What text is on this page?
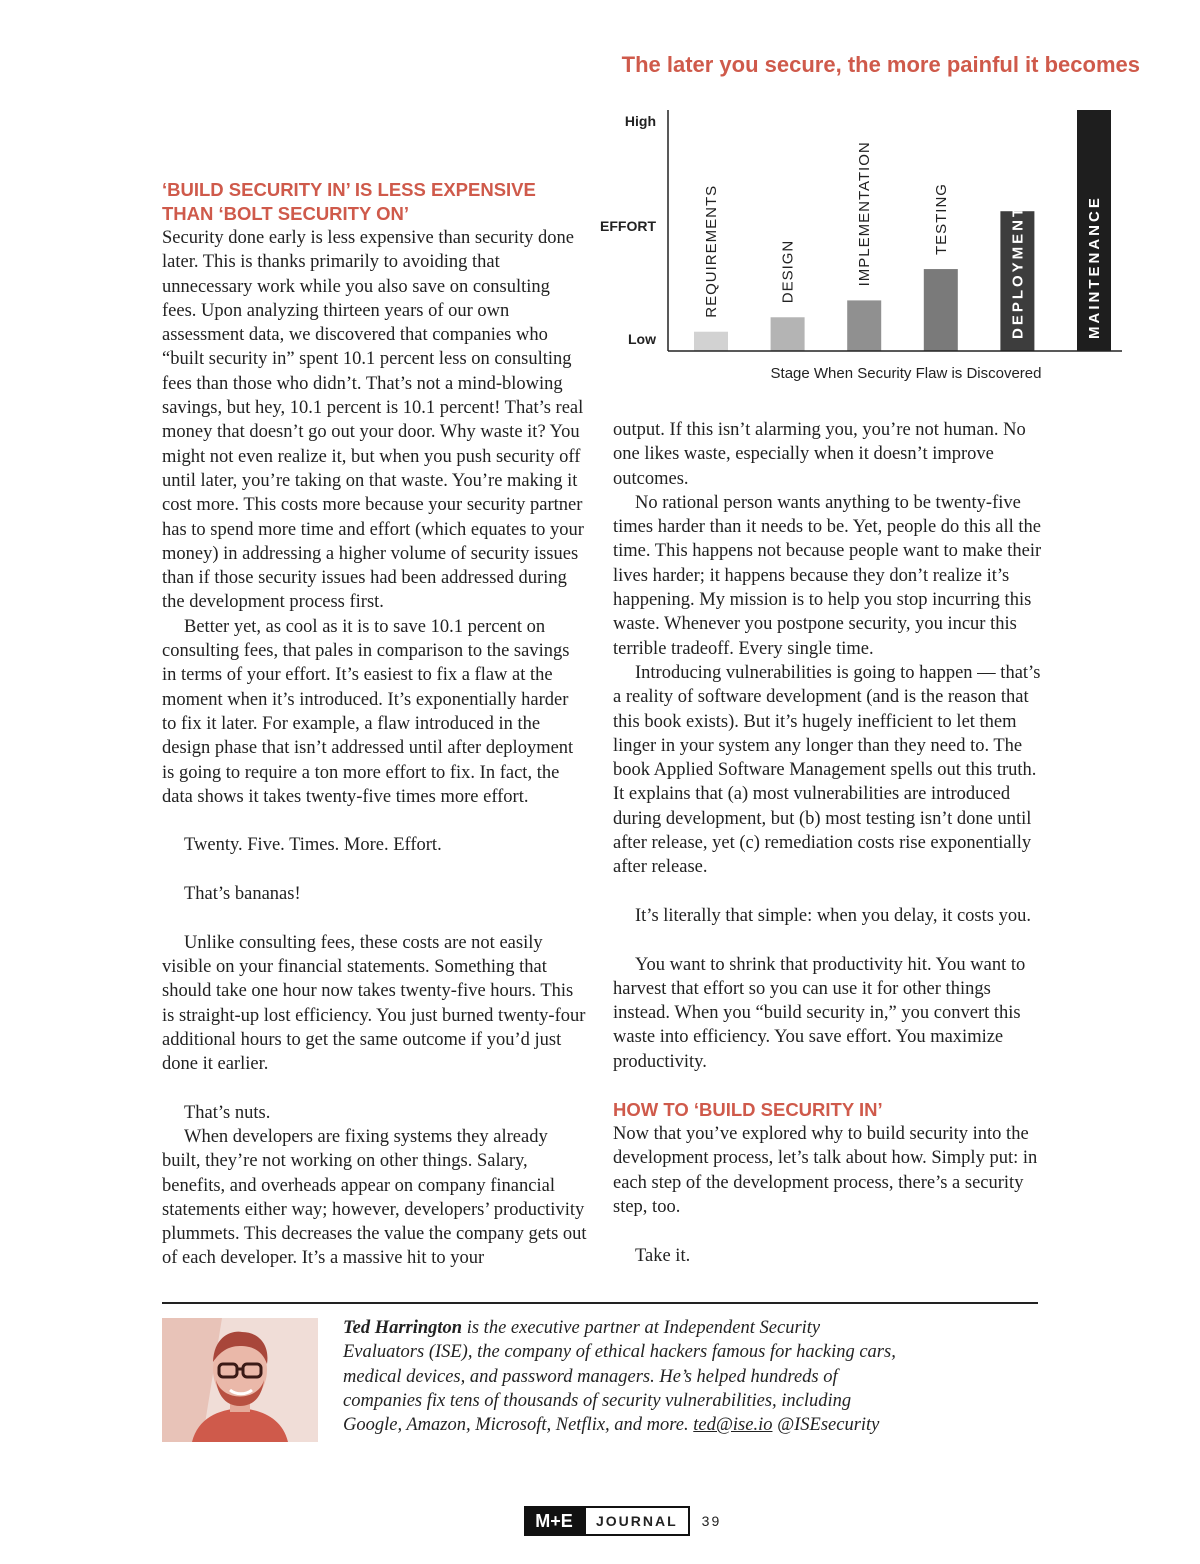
The later you secure, the more painful it becomes
High
EFFORT
Low
REQUIREMENTS	DESIGN	IMPLEMENTATION	TESTING	DEPLOYMENT	MAINTENANCE
Stage When Security Flaw is Discovered

‘BUILD SECURITY IN’ IS LESS EXPENSIVE

THAN ‘BOLT SECURITY ON’

Security done early is less expensive than security done later. This is thanks primarily to avoiding that unnecessary work while you also save on consulting fees. Upon analyzing thirteen years of our own assessment data, we discovered that companies who “built security in” spent 10.1 percent less on consulting fees than those who didn’t. That’s not a mind-blowing savings, but hey, 10.1 percent is 10.1 percent! That’s real money that doesn’t go out your door. Why waste it? You might not even realize it, but when you push security off until later, you’re taking on that waste. You’re making it cost more. This costs more because your security partner has to spend more time and effort (which equates to your money) in addressing a higher volume of security issues than if those security issues had been addressed during the development process first.

Better yet, as cool as it is to save 10.1 percent on consulting fees, that pales in comparison to the savings in terms of your effort. It’s easiest to fix a flaw at the moment when it’s introduced. It’s exponentially harder to fix it later. For example, a flaw introduced in the design phase that isn’t addressed until after deployment is going to require a ton more effort to fix. In fact, the data shows it takes twenty-five times more effort.

Twenty. Five. Times. More. Effort.

That’s bananas!

Unlike consulting fees, these costs are not easily visible on your financial statements. Something that should take one hour now takes twenty-five hours. This is straight-up lost efficiency. You just burned twenty-four additional hours to get the same outcome if you’d just done it earlier.

That’s nuts.

When developers are fixing systems they already built, they’re not working on other things. Salary, benefits, and overheads appear on company financial statements either way; however, developers’ productivity plummets. This decreases the value the company gets out of each developer. It’s a massive hit to your

output. If this isn’t alarming you, you’re not human. No one likes waste, especially when it doesn’t improve outcomes.

No rational person wants anything to be twenty-five times harder than it needs to be. Yet, people do this all the time. This happens not because people want to make their lives harder; it happens because they don’t realize it’s happening. My mission is to help you stop incurring this waste. Whenever you postpone security, you incur this terrible tradeoff. Every single time.

Introducing vulnerabilities is going to happen — that’s a reality of software development (and is the reason that this book exists). But it’s hugely inefficient to let them linger in your system any longer than they need to. The book Applied Software Management spells out this truth. It explains that (a) most vulnerabilities are introduced during development, but (b) most testing isn’t done until after release, yet (c) remediation costs rise exponentially after release.

It’s literally that simple: when you delay, it costs you.

You want to shrink that productivity hit. You want to harvest that effort so you can use it for other things instead. When you “build security in,” you convert this waste into efficiency. You save effort. You maximize productivity.

HOW TO ‘BUILD SECURITY IN’

Now that you’ve explored why to build security into the development process, let’s talk about how. Simply put: in each step of the development process, there’s a security step, too.

Take it.

Ted Harrington is the executive partner at Independent Security Evaluators (ISE), the company of ethical hackers famous for hacking cars, medical devices, and password managers. He’s helped hundreds of companies fix tens of thousands of security vulnerabilities, including Google, Amazon, Microsoft, Netflix, and more. ted@ise.io @ISEsecurity
M+E	JOURNAL	39
